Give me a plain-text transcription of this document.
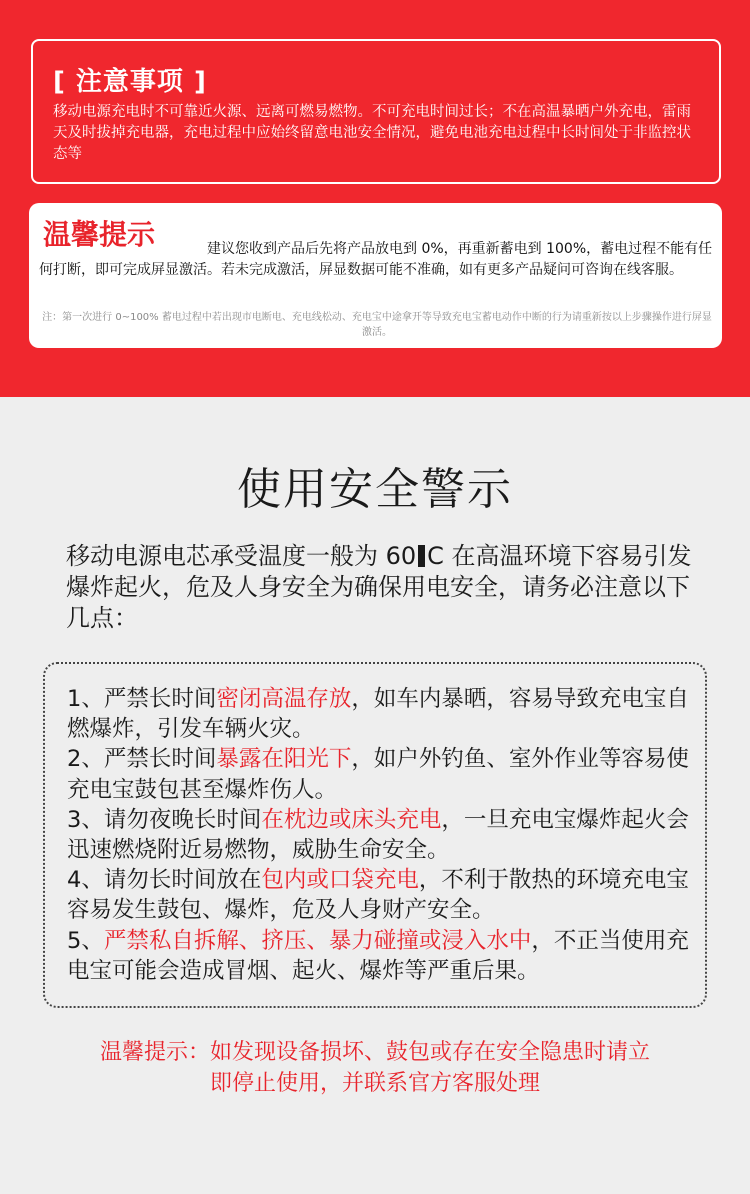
[ 注意事项 ]
移动电源充电时不可靠近火源、远离可燃易燃物。不可充电时间过长；不在高温暴晒户外充电，雷雨天及时拔掉充电器，充电过程中应始终留意电池安全情况，避免电池充电过程中长时间处于非监控状态等
温馨提示	建议您收到产品后先将产品放电到 0%，再重新蓄电到 100%，蓄电过程不能有任何打断，即可完成屏显激活。若未完成激活，屏显数据可能不准确，如有更多产品疑问可咨询在线客服。
注：第一次进行 0~100% 蓄电过程中若出现市电断电、充电线松动、充电宝中途拿开等导致充电宝蓄电动作中断的行为请重新按以上步骤操作进行屏显激活。
使用安全警示
移动电源电芯承受温度一般为 60 C 在高温环境下容易引发爆炸起火，危及人身安全为确保用电安全，请务必注意以下几点：

1、严禁长时间密闭高温存放，如车内暴晒，容易导致充电宝自燃爆炸，引发车辆火灾。

2、严禁长时间暴露在阳光下，如户外钓鱼、室外作业等容易使充电宝鼓包甚至爆炸伤人。

3、请勿夜晚长时间在枕边或床头充电，一旦充电宝爆炸起火会迅速燃烧附近易燃物，威胁生命安全。

4、请勿长时间放在包内或口袋充电，不利于散热的环境充电宝容易发生鼓包、爆炸，危及人身财产安全。

5、严禁私自拆解、挤压、暴力碰撞或浸入水中，不正当使用充电宝可能会造成冒烟、起火、爆炸等严重后果。

温馨提示：如发现设备损坏、鼓包或存在安全隐患时请立
即停止使用，并联系官方客服处理
